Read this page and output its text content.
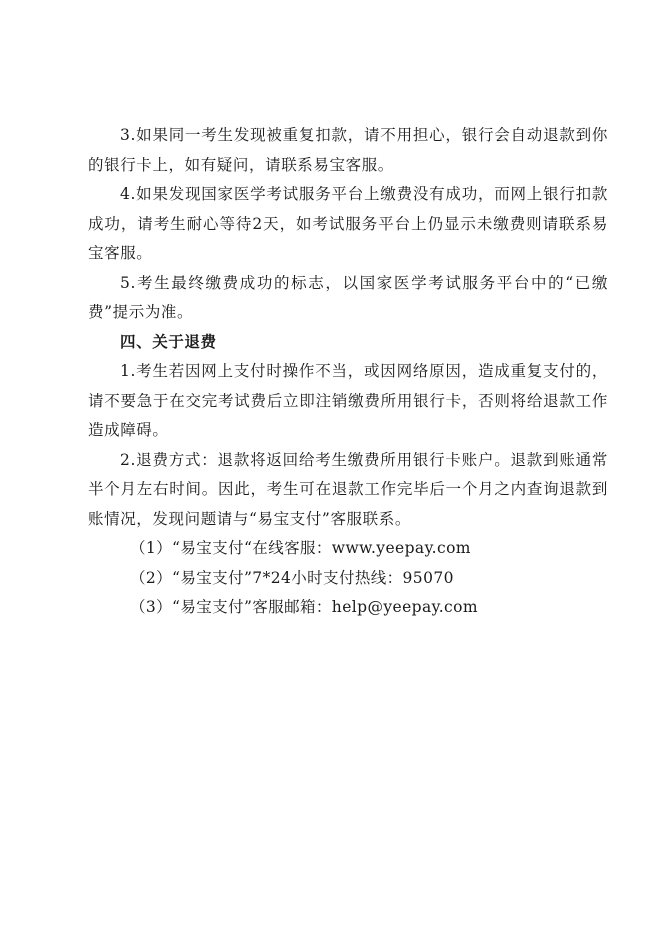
3.如果同一考生发现被重复扣款，请不用担心，银行会自动退款到你的银行卡上，如有疑问，请联系易宝客服。

4.如果发现国家医学考试服务平台上缴费没有成功，而网上银行扣款成功，请考生耐心等待2天，如考试服务平台上仍显示未缴费则请联系易宝客服。

5.考生最终缴费成功的标志，以国家医学考试服务平台中的“已缴费”提示为准。

四、关于退费

1.考生若因网上支付时操作不当，或因网络原因，造成重复支付的，请不要急于在交完考试费后立即注销缴费所用银行卡，否则将给退款工作造成障碍。

2.退费方式：退款将返回给考生缴费所用银行卡账户。退款到账通常半个月左右时间。因此，考生可在退款工作完毕后一个月之内查询退款到账情况，发现问题请与“易宝支付”客服联系。

（1）“易宝支付“在线客服：www.yeepay.com

（2）“易宝支付”7*24小时支付热线：95070

（3）“易宝支付”客服邮箱：help@yeepay.com
